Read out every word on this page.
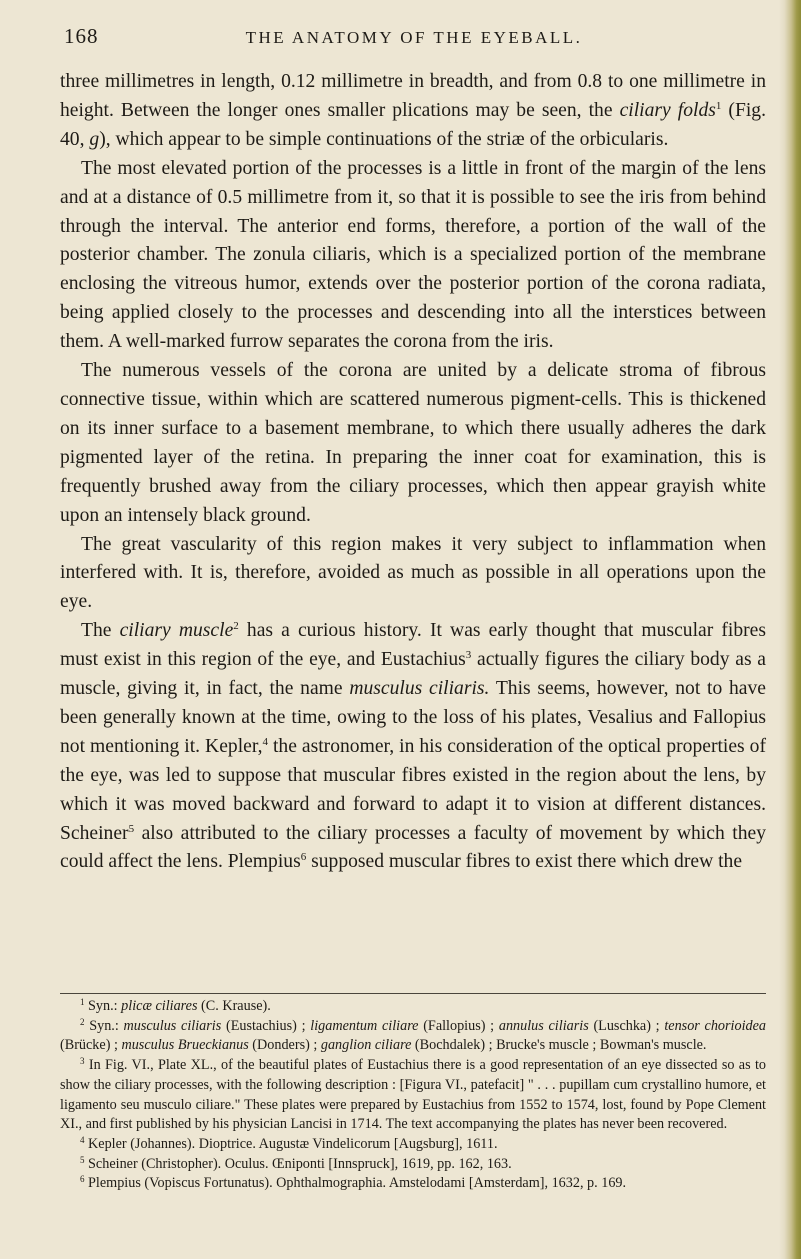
168	THE ANATOMY OF THE EYEBALL.

three millimetres in length, 0.12 millimetre in breadth, and from 0.8 to one millimetre in height. Between the longer ones smaller plications may be seen, the ciliary folds$^1$ (Fig. 40, g), which appear to be simple continuations of the striæ of the orbicularis.

The most elevated portion of the processes is a little in front of the margin of the lens and at a distance of 0.5 millimetre from it, so that it is possible to see the iris from behind through the interval. The anterior end forms, therefore, a portion of the wall of the posterior chamber. The zonula ciliaris, which is a specialized portion of the membrane enclosing the vitreous humor, extends over the posterior portion of the corona radiata, being applied closely to the processes and descending into all the interstices between them. A well-marked furrow separates the corona from the iris.

The numerous vessels of the corona are united by a delicate stroma of fibrous connective tissue, within which are scattered numerous pigment-cells. This is thickened on its inner surface to a basement membrane, to which there usually adheres the dark pigmented layer of the retina. In preparing the inner coat for examination, this is frequently brushed away from the ciliary processes, which then appear grayish white upon an intensely black ground.

The great vascularity of this region makes it very subject to inflammation when interfered with. It is, therefore, avoided as much as possible in all operations upon the eye.

The ciliary muscle$^2$ has a curious history. It was early thought that muscular fibres must exist in this region of the eye, and Eustachius$^3$ actually figures the ciliary body as a muscle, giving it, in fact, the name musculus ciliaris. This seems, however, not to have been generally known at the time, owing to the loss of his plates, Vesalius and Fallopius not mentioning it. Kepler,$^4$ the astronomer, in his consideration of the optical properties of the eye, was led to suppose that muscular fibres existed in the region about the lens, by which it was moved backward and forward to adapt it to vision at different distances. Scheiner$^5$ also attributed to the ciliary processes a faculty of movement by which they could affect the lens. Plempius$^6$ supposed muscular fibres to exist there which drew the

$^1$ Syn.: plicæ ciliares (C. Krause).

$^2$ Syn.: musculus ciliaris (Eustachius) ; ligamentum ciliare (Fallopius) ; annulus ciliaris (Luschka) ; tensor chorioidea (Brücke) ; musculus Brueckianus (Donders) ; ganglion ciliare (Bochdalek) ; Brucke's muscle ; Bowman's muscle.

$^3$ In Fig. VI., Plate XL., of the beautiful plates of Eustachius there is a good representation of an eye dissected so as to show the ciliary processes, with the following description : [Figura VI., patefacit] " . . . pupillam cum crystallino humore, et ligamento seu musculo ciliare." These plates were prepared by Eustachius from 1552 to 1574, lost, found by Pope Clement XI., and first published by his physician Lancisi in 1714. The text accompanying the plates has never been recovered.

$^4$ Kepler (Johannes). Dioptrice. Augustæ Vindelicorum [Augsburg], 1611.

$^5$ Scheiner (Christopher). Oculus. Œniponti [Innspruck], 1619, pp. 162, 163.

$^6$ Plempius (Vopiscus Fortunatus). Ophthalmographia. Amstelodami [Amsterdam], 1632, p. 169.
